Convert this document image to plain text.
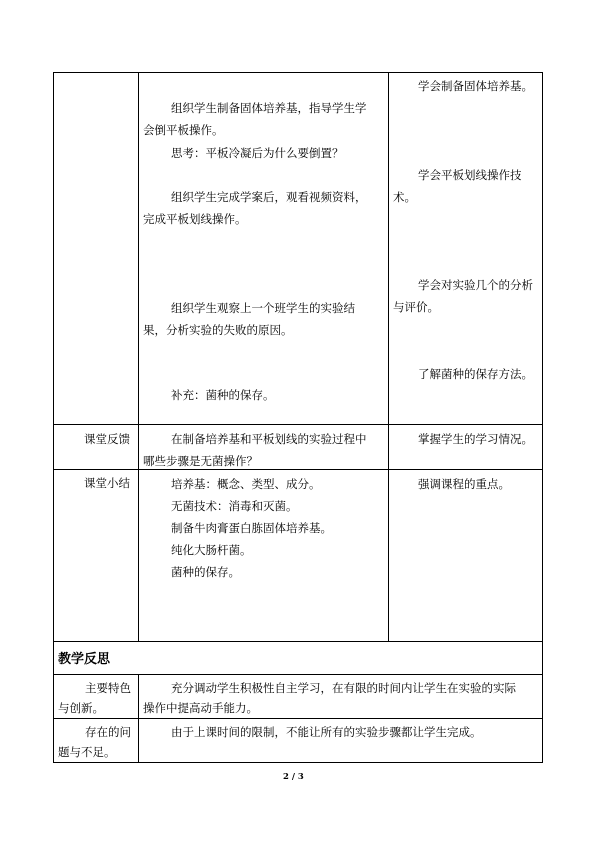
组织学生制备固体培养基，指导学生学
会倒平板操作。
思考：平板冷凝后为什么要倒置？
组织学生完成学案后，观看视频资料，
完成平板划线操作。
组织学生观察上一个班学生的实验结
果，分析实验的失败的原因。
补充：菌种的保存。
学会制备固体培养基。
学会平板划线操作技
术。
学会对实验几个的分析
与评价。
了解菌种的保存方法。
课堂反馈	在制备培养基和平板划线的实验过程中
哪些步骤是无菌操作？
掌握学生的学习情况。
课堂小结	培养基：概念、类型、成分。
无菌技术：消毒和灭菌。
制备牛肉膏蛋白胨固体培养基。
纯化大肠杆菌。
菌种的保存。
强调课程的重点。
教学反思
主要特色
与创新。
充分调动学生积极性自主学习，在有限的时间内让学生在实验的实际
操作中提高动手能力。
存在的问
题与不足。
由于上课时间的限制，不能让所有的实验步骤都让学生完成。
2 / 3
